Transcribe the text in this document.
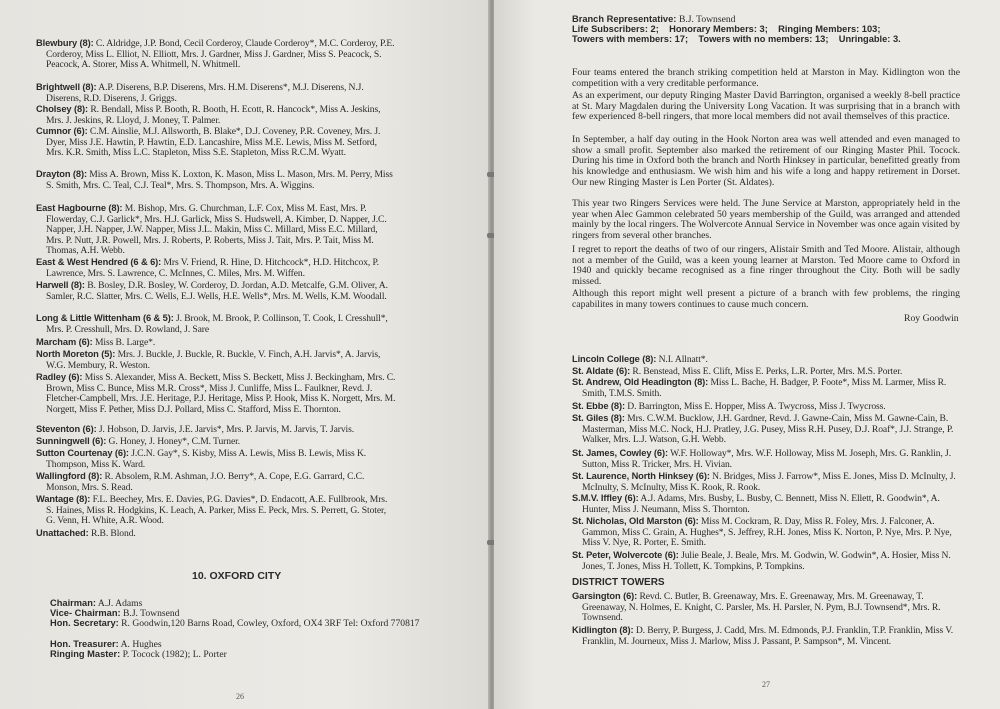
Blewbury (8): C. Aldridge, J.P. Bond, Cecil Corderoy, Claude Corderoy*, M.C. Corderoy, P.E. Corderoy, Miss L. Elliot, N. Elliott, Mrs. J. Gardner, Miss J. Gardner, Miss S. Peacock, S. Peacock, A. Storer, Miss A. Whitmell, N. Whitmell.
Brightwell (8): A.P. Diserens, B.P. Diserens, Mrs. H.M. Diserens*, M.J. Diserens, N.J. Diserens, R.D. Diserens, J. Griggs.
Cholsey (8): R. Bendall, Miss P. Booth, R. Booth, H. Ecott, R. Hancock*, Miss A. Jeskins, Mrs. J. Jeskins, R. Lloyd, J. Money, T. Palmer.
Cumnor (6): C.M. Ainslie, M.J. Allsworth, B. Blake*, D.J. Coveney, P.R. Coveney, Mrs. J. Dyer, Miss J.E. Hawtin, P. Hawtin, E.D. Lancashire, Miss M.E. Lewis, Miss M. Setford, Mrs. K.R. Smith, Miss L.C. Stapleton, Miss S.E. Stapleton, Miss R.C.M. Wyatt.
Drayton (8): Miss A. Brown, Miss K. Loxton, K. Mason, Miss L. Mason, Mrs. M. Perry, Miss S. Smith, Mrs. C. Teal, C.J. Teal*, Mrs. S. Thompson, Mrs. A. Wiggins.
East Hagbourne (8): M. Bishop, Mrs. G. Churchman, L.F. Cox, Miss M. East, Mrs. P. Flowerday, C.J. Garlick*, Mrs. H.J. Garlick, Miss S. Hudswell, A. Kimber, D. Napper, J.C. Napper, J.H. Napper, J.W. Napper, Miss J.L. Makin, Miss C. Millard, Miss E.C. Millard, Mrs. P. Nutt, J.R. Powell, Mrs. J. Roberts, P. Roberts, Miss J. Tait, Mrs. P. Tait, Miss M. Thomas, A.H. Webb.
East & West Hendred (6 & 6): Mrs V. Friend, R. Hine, D. Hitchcock*, H.D. Hitchcox, P. Lawrence, Mrs. S. Lawrence, C. McInnes, C. Miles, Mrs. M. Wiffen.
Harwell (8): B. Bosley, D.R. Bosley, W. Corderoy, D. Jordan, A.D. Metcalfe, G.M. Oliver, A. Samler, R.C. Slatter, Mrs. C. Wells, E.J. Wells, H.E. Wells*, Mrs. M. Wells, K.M. Woodall.
Long & Little Wittenham (6 & 5): J. Brook, M. Brook, P. Collinson, T. Cook, I. Cresshull*, Mrs. P. Cresshull, Mrs. D. Rowland, J. Sare
Marcham (6): Miss B. Large*.
North Moreton (5): Mrs. J. Buckle, J. Buckle, R. Buckle, V. Finch, A.H. Jarvis*, A. Jarvis, W.G. Membury, R. Weston.
Radley (6): Miss S. Alexander, Miss A. Beckett, Miss S. Beckett, Miss J. Beckingham, Mrs. C. Brown, Miss C. Bunce, Miss M.R. Cross*, Miss J. Cunliffe, Miss L. Faulkner, Revd. J. Fletcher-Campbell, Mrs. J.E. Heritage, P.J. Heritage, Miss P. Hook, Miss K. Norgett, Mrs. M. Norgett, Miss F. Pether, Miss D.J. Pollard, Miss C. Stafford, Miss E. Thornton.
Steventon (6): J. Hobson, D. Jarvis, J.E. Jarvis*, Mrs. P. Jarvis, M. Jarvis, T. Jarvis.
Sunningwell (6): G. Honey, J. Honey*, C.M. Turner.
Sutton Courtenay (6): J.C.N. Gay*, S. Kisby, Miss A. Lewis, Miss B. Lewis, Miss K. Thompson, Miss K. Ward.
Wallingford (8): R. Absolem, R.M. Ashman, J.O. Berry*, A. Cope, E.G. Garrard, C.C. Monson, Mrs. S. Read.
Wantage (8): F.L. Beechey, Mrs. E. Davies, P.G. Davies*, D. Endacott, A.E. Fullbrook, Mrs. S. Haines, Miss R. Hodgkins, K. Leach, A. Parker, Miss E. Peck, Mrs. S. Perrett, G. Stoter, G. Venn, H. White, A.R. Wood.
Unattached: R.B. Blond.
10. OXFORD CITY
Chairman: A.J. Adams
Vice- Chairman: B.J. Townsend
Hon. Secretary: R. Goodwin,120 Barns Road, Cowley, Oxford, OX4 3RF Tel: Oxford 770817
Hon. Treasurer: A. Hughes
Ringing Master: P. Tocock (1982); L. Porter
26
Branch Representative: B.J. Townsend
Life Subscribers: 2;    Honorary Members: 3;    Ringing Members: 103;
Towers with members: 17;    Towers with no members: 13;    Unringable: 3.
Four teams entered the branch striking competition held at Marston in May. Kidlington won the competition with a very creditable performance.
As an experiment, our deputy Ringing Master David Barrington, organised a weekly 8-bell practice at St. Mary Magdalen during the University Long Vacation. It was surprising that in a branch with few experienced 8-bell ringers, that more local members did not avail themselves of this practice.
In September, a half day outing in the Hook Norton area was well attended and even managed to show a small profit. September also marked the retirement of our Ringing Master Phil. Tocock. During his time in Oxford both the branch and North Hinksey in particular, benefitted greatly from his knowledge and enthusiasm. We wish him and his wife a long and happy retirement in Dorset. Our new Ringing Master is Len Porter (St. Aldates).
This year two Ringers Services were held. The June Service at Marston, appropriately held in the year when Alec Gammon celebrated 50 years membership of the Guild, was arranged and attended mainly by the local ringers. The Wolvercote Annual Service in November was once again visited by ringers from several other branches.
I regret to report the deaths of two of our ringers, Alistair Smith and Ted Moore. Alistair, although not a member of the Guild, was a keen young learner at Marston. Ted Moore came to Oxford in 1940 and quickly became recognised as a fine ringer throughout the City. Both will be sadly missed.
Although this report might well present a picture of a branch with few problems, the ringing capabilites in many towers continues to cause much concern.
Roy Goodwin
Lincoln College (8): N.I. Allnatt*.
St. Aldate (6): R. Benstead, Miss E. Clift, Miss E. Perks, L.R. Porter, Mrs. M.S. Porter.
St. Andrew, Old Headington (8): Miss L. Bache, H. Badger, P. Foote*, Miss M. Larmer, Miss R. Smith, T.M.S. Smith.
St. Ebbe (8): D. Barrington, Miss E. Hopper, Miss A. Twycross, Miss J. Twycross.
St. Giles (8): Mrs. C.W.M. Bucklow, J.H. Gardner, Revd. J. Gawne-Cain, Miss M. Gawne-Cain, B. Masterman, Miss M.C. Nock, H.J. Pratley, J.G. Pusey, Miss R.H. Pusey, D.J. Roaf*, J.J. Strange, P. Walker, Mrs. L.J. Watson, G.H. Webb.
St. James, Cowley (6): W.F. Holloway*, Mrs. W.F. Holloway, Miss M. Joseph, Mrs. G. Ranklin, J. Sutton, Miss R. Tricker, Mrs. H. Vivian.
St. Laurence, North Hinksey (6): N. Bridges, Miss J. Farrow*, Miss E. Jones, Miss D. McInulty, J. McInulty, S. McInulty, Miss K. Rook, R. Rook.
S.M.V. Iffley (6): A.J. Adams, Mrs. Busby, L. Busby, C. Bennett, Miss N. Ellett, R. Goodwin*, A. Hunter, Miss J. Neumann, Miss S. Thornton.
St. Nicholas, Old Marston (6): Miss M. Cockram, R. Day, Miss R. Foley, Mrs. J. Falconer, A. Gammon, Miss C. Grain, A. Hughes*, S. Jeffrey, R.H. Jones, Miss K. Norton, P. Nye, Mrs. P. Nye, Miss V. Nye, R. Porter, E. Smith.
St. Peter, Wolvercote (6): Julie Beale, J. Beale, Mrs. M. Godwin, W. Godwin*, A. Hosier, Miss N. Jones, T. Jones, Miss H. Tollett, K. Tompkins, P. Tompkins.
DISTRICT TOWERS
Garsington (6): Revd. C. Butler, B. Greenaway, Mrs. E. Greenaway, Mrs. M. Greenaway, T. Greenaway, N. Holmes, E. Knight, C. Parsler, Ms. H. Parsler, N. Pym, B.J. Townsend*, Mrs. R. Townsend.
Kidlington (8): D. Berry, P. Burgess, J. Cadd, Mrs. M. Edmonds, P.J. Franklin, T.P. Franklin, Miss V. Franklin, M. Journeux, Miss J. Marlow, Miss J. Passant, P. Sampson*, M. Vincent.
27
